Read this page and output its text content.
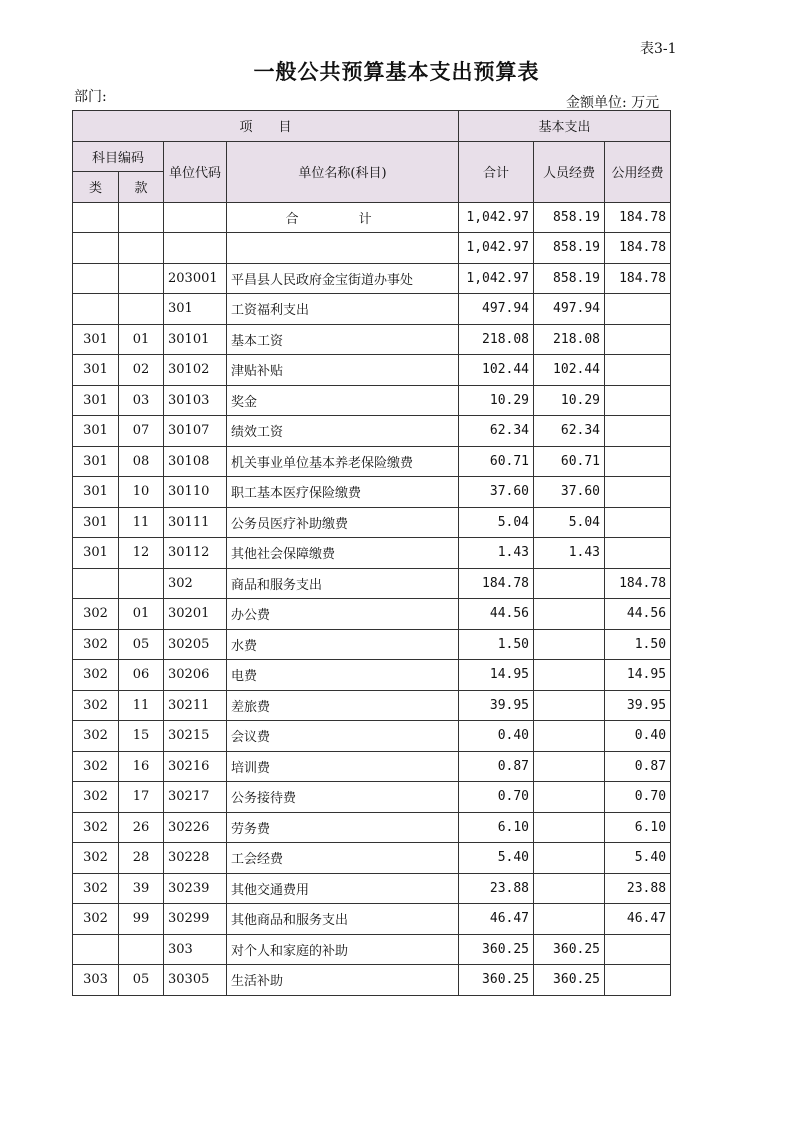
表3-1
一般公共预算基本支出预算表
部门:	金额单位: 万元
项　　目				基本支出		
科目编码		单位代码	单位名称(科目)	合计	人员经费	公用经费
类	款					
			合 计	1,042.97	858.19	184.78
				1,042.97	858.19	184.78
		203001	平昌县人民政府金宝街道办事处	1,042.97	858.19	184.78
		301	工资福利支出	497.94	497.94	
301	01	30101	基本工资	218.08	218.08	
301	02	30102	津贴补贴	102.44	102.44	
301	03	30103	奖金	10.29	10.29	
301	07	30107	绩效工资	62.34	62.34	
301	08	30108	机关事业单位基本养老保险缴费	60.71	60.71	
301	10	30110	职工基本医疗保险缴费	37.60	37.60	
301	11	30111	公务员医疗补助缴费	5.04	5.04	
301	12	30112	其他社会保障缴费	1.43	1.43	
		302	商品和服务支出	184.78		184.78
302	01	30201	办公费	44.56		44.56
302	05	30205	水费	1.50		1.50
302	06	30206	电费	14.95		14.95
302	11	30211	差旅费	39.95		39.95
302	15	30215	会议费	0.40		0.40
302	16	30216	培训费	0.87		0.87
302	17	30217	公务接待费	0.70		0.70
302	26	30226	劳务费	6.10		6.10
302	28	30228	工会经费	5.40		5.40
302	39	30239	其他交通费用	23.88		23.88
302	99	30299	其他商品和服务支出	46.47		46.47
		303	对个人和家庭的补助	360.25	360.25	
303	05	30305	生活补助	360.25	360.25	
